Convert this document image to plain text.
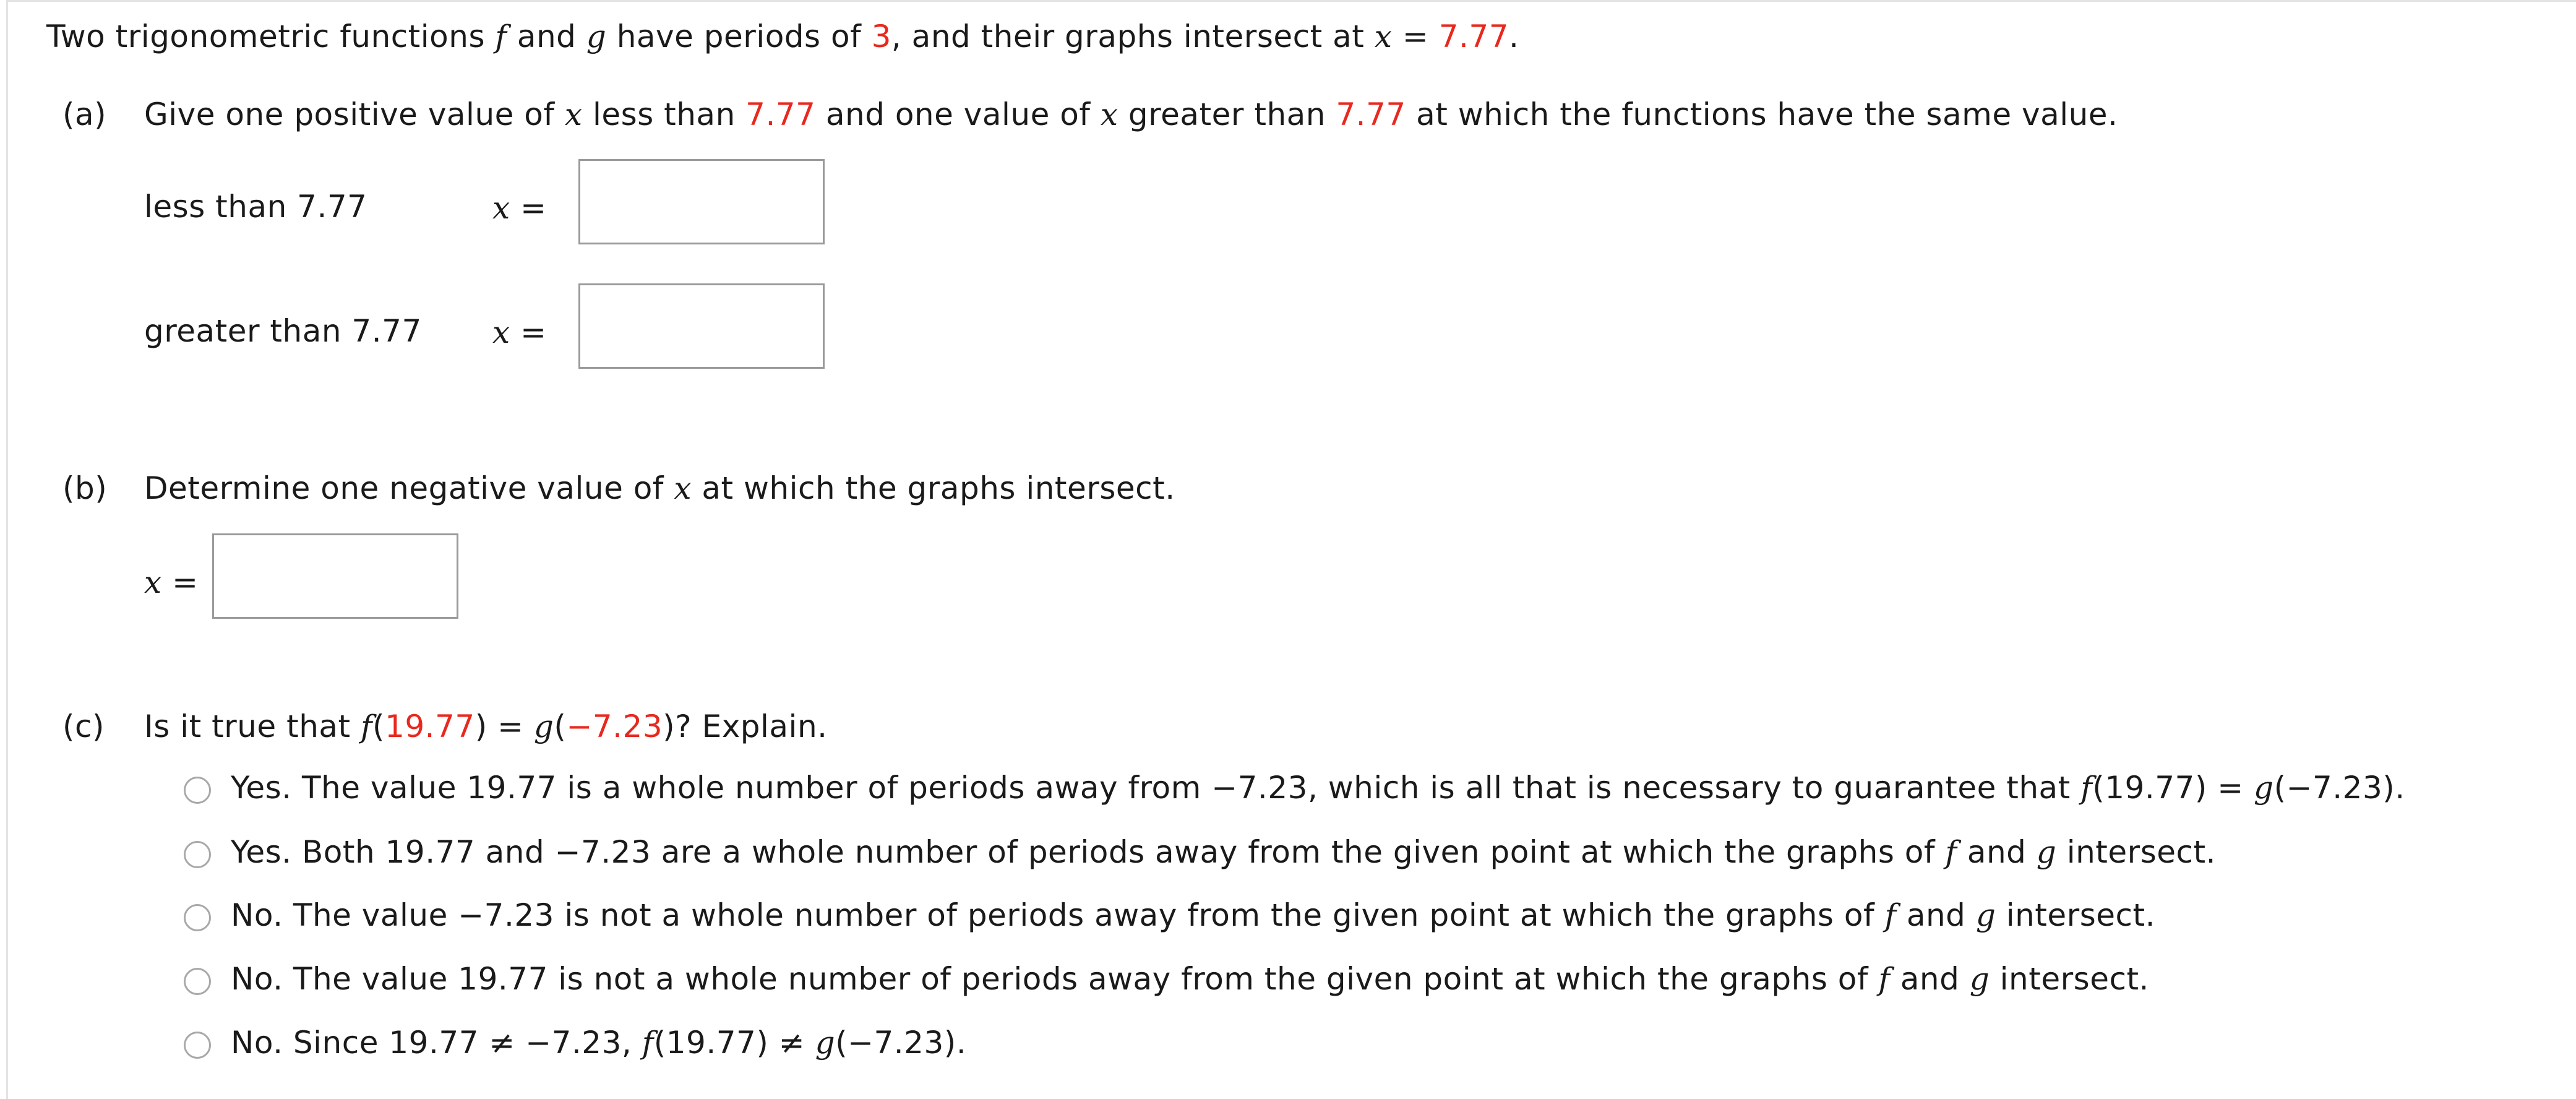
Two trigonometric functions f and g have periods of 3, and their graphs intersect at x = 7.77.
(a) Give one positive value of x less than 7.77 and one value of x greater than 7.77 at which the functions have the same value.
less than 7.77	x =
greater than 7.77 x =
(b) Determine one negative value of x at which the graphs intersect.
x =
(c) Is it true that f(19.77) = g(−7.23)? Explain.
Yes. The value 19.77 is a whole number of periods away from −7.23, which is all that is necessary to guarantee that f(19.77) = g(−7.23).
Yes. Both 19.77 and −7.23 are a whole number of periods away from the given point at which the graphs of f and g intersect.
No. The value −7.23 is not a whole number of periods away from the given point at which the graphs of f and g intersect.
No. The value 19.77 is not a whole number of periods away from the given point at which the graphs of f and g intersect.
No. Since 19.77 ≠ −7.23, f(19.77) ≠ g(−7.23).
